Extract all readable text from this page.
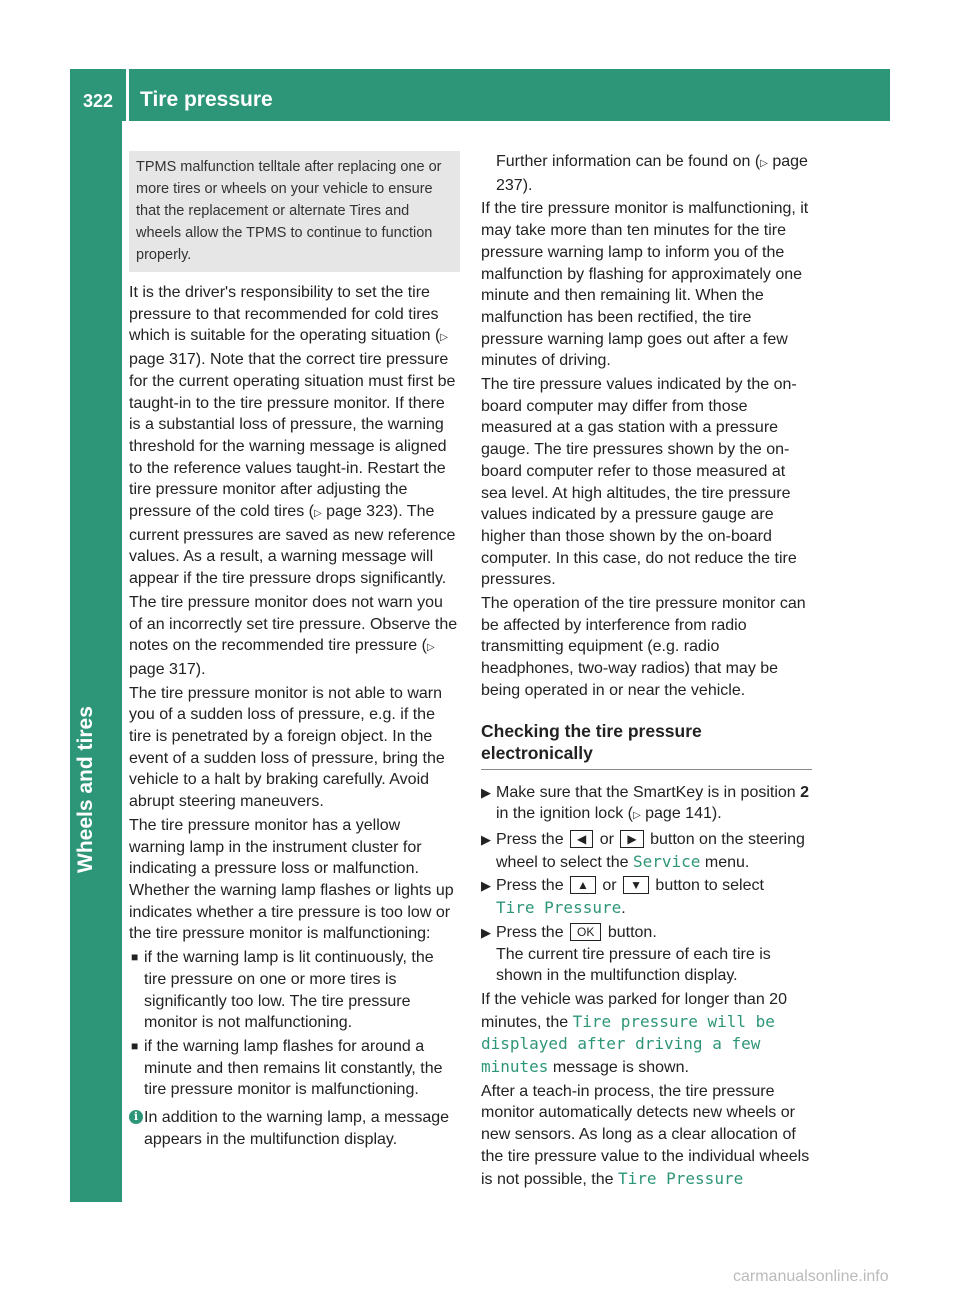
322	Tire pressure
Wheels and tires
TPMS malfunction telltale after replacing one or more tires or wheels on your vehicle to ensure that the replacement or alternate Tires and wheels allow the TPMS to continue to function properly.

It is the driver's responsibility to set the tire pressure to that recommended for cold tires which is suitable for the operating situation (▷ page 317). Note that the correct tire pressure for the current operating situation must first be taught-in to the tire pressure monitor. If there is a substantial loss of pressure, the warning threshold for the warning message is aligned to the reference values taught-in. Restart the tire pressure monitor after adjusting the pressure of the cold tires (▷ page 323). The current pressures are saved as new reference values. As a result, a warning message will appear if the tire pressure drops significantly.

The tire pressure monitor does not warn you of an incorrectly set tire pressure. Observe the notes on the recommended tire pressure (▷ page 317).

The tire pressure monitor is not able to warn you of a sudden loss of pressure, e.g. if the tire is penetrated by a foreign object. In the event of a sudden loss of pressure, bring the vehicle to a halt by braking carefully. Avoid abrupt steering maneuvers.

The tire pressure monitor has a yellow warning lamp in the instrument cluster for indicating a pressure loss or malfunction. Whether the warning lamp flashes or lights up indicates whether a tire pressure is too low or the tire pressure monitor is malfunctioning:

■ if the warning lamp is lit continuously, the tire pressure on one or more tires is significantly too low. The tire pressure monitor is not malfunctioning.

■ if the warning lamp flashes for around a minute and then remains lit constantly, the tire pressure monitor is malfunctioning.

i In addition to the warning lamp, a message appears in the multifunction display.

Further information can be found on (▷ page 237).

If the tire pressure monitor is malfunctioning, it may take more than ten minutes for the tire pressure warning lamp to inform you of the malfunction by flashing for approximately one minute and then remaining lit. When the malfunction has been rectified, the tire pressure warning lamp goes out after a few minutes of driving.

The tire pressure values indicated by the on-board computer may differ from those measured at a gas station with a pressure gauge. The tire pressures shown by the on-board computer refer to those measured at sea level. At high altitudes, the tire pressure values indicated by a pressure gauge are higher than those shown by the on-board computer. In this case, do not reduce the tire pressures.

The operation of the tire pressure monitor can be affected by interference from radio transmitting equipment (e.g. radio headphones, two-way radios) that may be being operated in or near the vehicle.

Checking the tire pressure electronically

▶ Make sure that the SmartKey is in position 2 in the ignition lock (▷ page 141).

▶ Press the ◀ or ▶ button on the steering wheel to select the Service menu.

▶ Press the ▲ or ▼ button to select
Tire Pressure.

▶ Press the OK button.
The current tire pressure of each tire is shown in the multifunction display.

If the vehicle was parked for longer than 20 minutes, the Tire pressure will be displayed after driving a few minutes message is shown.

After a teach-in process, the tire pressure monitor automatically detects new wheels or new sensors. As long as a clear allocation of the tire pressure value to the individual wheels is not possible, the Tire Pressure

carmanualsonline.info
